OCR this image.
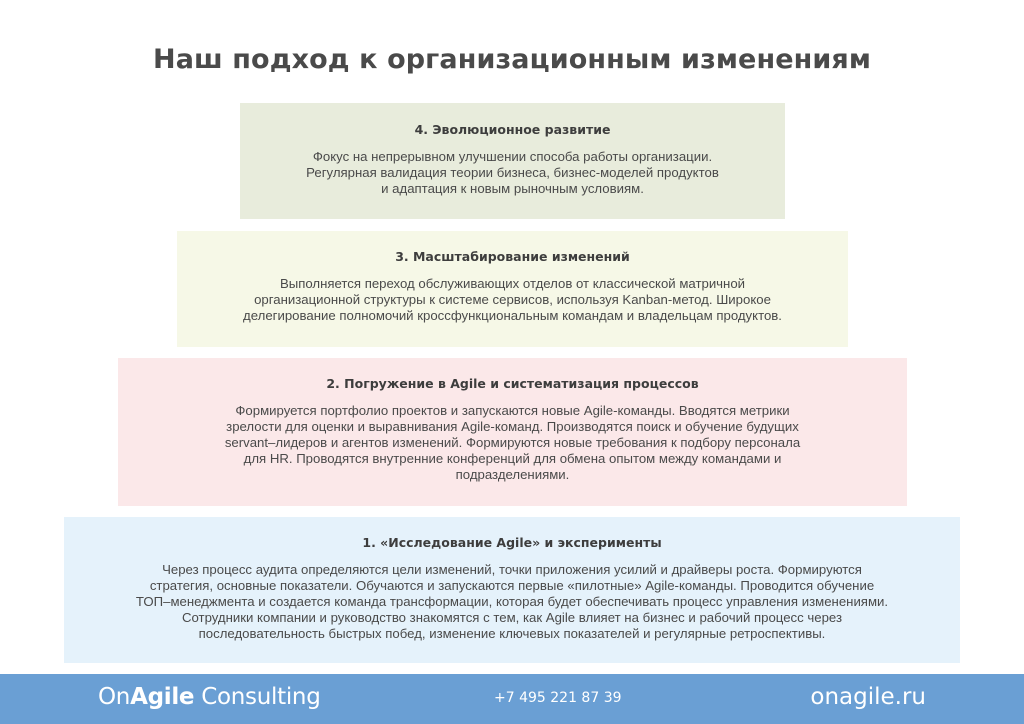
Наш подход к организационным изменениям
4. Эволюционное развитие
Фокус на непрерывном улучшении способа работы организации.
Регулярная валидация теории бизнеса, бизнес-моделей продуктов
и адаптация к новым рыночным условиям.
3. Масштабирование изменений
Выполняется переход обслуживающих отделов от классической матричной
организационной структуры к системе сервисов, используя Kanban-метод. Широкое
делегирование полномочий кроссфункциональным командам и владельцам продуктов.
2. Погружение в Agile и систематизация процессов
Формируется портфолио проектов и запускаются новые Agile-команды. Вводятся метрики
зрелости для оценки и выравнивания Agile-команд. Производятся поиск и обучение будущих
servant–лидеров и агентов изменений. Формируются новые требования к подбору персонала
для HR. Проводятся внутренние конференций для обмена опытом между командами и
подразделениями.
1. «Исследование Agile» и эксперименты
Через процесс аудита определяются цели изменений, точки приложения усилий и драйверы роста. Формируются
стратегия, основные показатели. Обучаются и запускаются первые «пилотные» Agile-команды. Проводится обучение
ТОП–менеджмента и создается команда трансформации, которая будет обеспечивать процесс управления изменениями.
Сотрудники компании и руководство знакомятся с тем, как Agile влияет на бизнес и рабочий процесс через
последовательность быстрых побед, изменение ключевых показателей и регулярные ретроспективы.
OnAgile Consulting	+7 495 221 87 39	onagile.ru
